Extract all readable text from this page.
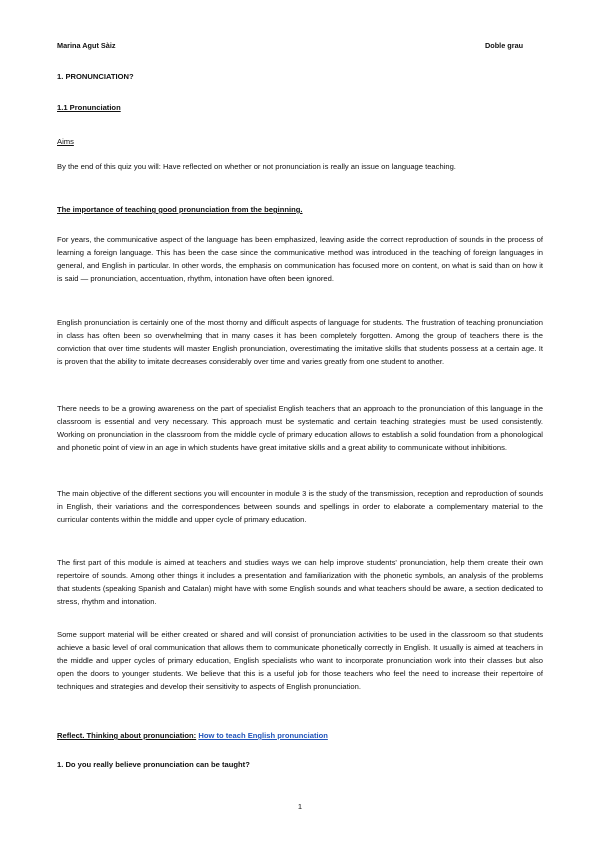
Marina Agut Sàiz	Doble grau
1. PRONUNCIATION?
1.1 Pronunciation
Aims

By the end of this quiz you will: Have reflected on whether or not pronunciation is really an issue on language teaching.

The importance of teaching good pronunciation from the beginning.

For years, the communicative aspect of the language has been emphasized, leaving aside the correct reproduction of sounds in the process of learning a foreign language. This has been the case since the communicative method was introduced in the teaching of foreign languages in general, and English in particular. In other words, the emphasis on communication has focused more on content, on what is said than on how it is said — pronunciation, accentuation, rhythm, intonation have often been ignored.

English pronunciation is certainly one of the most thorny and difficult aspects of language for students. The frustration of teaching pronunciation in class has often been so overwhelming that in many cases it has been completely forgotten. Among the group of teachers there is the conviction that over time students will master English pronunciation, overestimating the imitative skills that students possess at a certain age. It is proven that the ability to imitate decreases considerably over time and varies greatly from one student to another.

There needs to be a growing awareness on the part of specialist English teachers that an approach to the pronunciation of this language in the classroom is essential and very necessary. This approach must be systematic and certain teaching strategies must be used consistently. Working on pronunciation in the classroom from the middle cycle of primary education allows to establish a solid foundation from a phonological and phonetic point of view in an age in which students have great imitative skills and a great ability to communicate without inhibitions.

The main objective of the different sections you will encounter in module 3 is the study of the transmission, reception and reproduction of sounds in English, their variations and the correspondences between sounds and spellings in order to elaborate a complementary material to the curricular contents within the middle and upper cycle of primary education.

The first part of this module is aimed at teachers and studies ways we can help improve students' pronunciation, help them create their own repertoire of sounds. Among other things it includes a presentation and familiarization with the phonetic symbols, an analysis of the problems that students (speaking Spanish and Catalan) might have with some English sounds and what teachers should be aware, a section dedicated to stress, rhythm and intonation.

Some support material will be either created or shared and will consist of pronunciation activities to be used in the classroom so that students achieve a basic level of oral communication that allows them to communicate phonetically correctly in English. It usually is aimed at teachers in the middle and upper cycles of primary education, English specialists who want to incorporate pronunciation work into their classes but also open the doors to younger students. We believe that this is a useful job for those teachers who feel the need to increase their repertoire of techniques and strategies and develop their sensitivity to aspects of English pronunciation.

Reflect. Thinking about pronunciation: How to teach English pronunciation
1. Do you really believe pronunciation can be taught?
1
